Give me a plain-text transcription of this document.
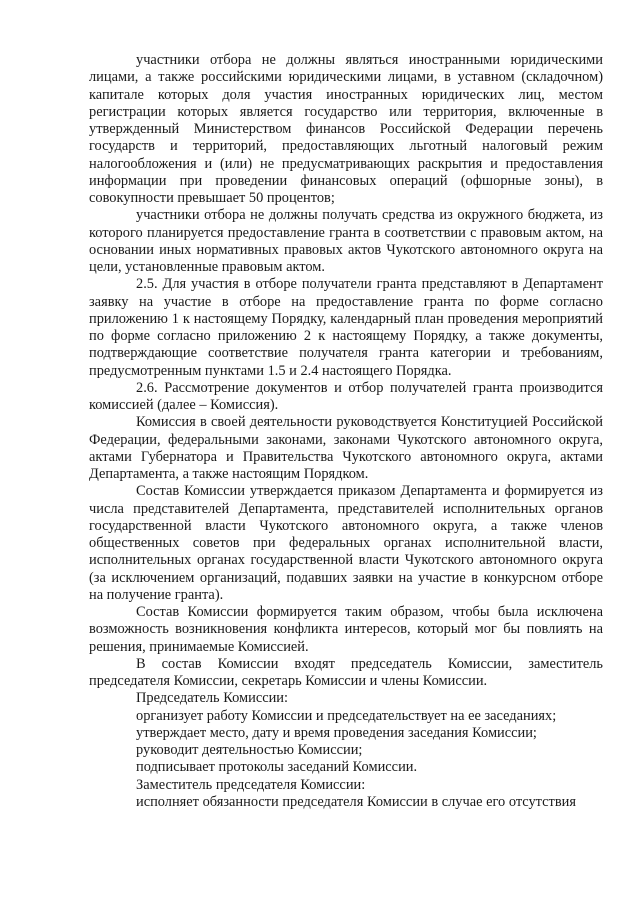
участники отбора не должны являться иностранными юридическими лицами, а также российскими юридическими лицами, в уставном (складочном) капитале которых доля участия иностранных юридических лиц, местом регистрации которых является государство или территория, включенные в утвержденный Министерством финансов Российской Федерации перечень государств и территорий, предоставляющих льготный налоговый режим налогообложения и (или) не предусматривающих раскрытия и предоставления информации при проведении финансовых операций (офшорные зоны), в совокупности превышает 50 процентов;

участники отбора не должны получать средства из окружного бюджета, из которого планируется предоставление гранта в соответствии с правовым актом, на основании иных нормативных правовых актов Чукотского автономного округа на цели, установленные правовым актом.

2.5. Для участия в отборе получатели гранта представляют в Департамент заявку на участие в отборе на предоставление гранта по форме согласно приложению 1 к настоящему Порядку, календарный план проведения мероприятий по форме согласно приложению 2 к настоящему Порядку, а также документы, подтверждающие соответствие получателя гранта категории и требованиям, предусмотренным пунктами 1.5 и 2.4 настоящего Порядка.

2.6. Рассмотрение документов и отбор получателей гранта производится комиссией (далее – Комиссия).

Комиссия в своей деятельности руководствуется Конституцией Российской Федерации, федеральными законами, законами Чукотского автономного округа, актами Губернатора и Правительства Чукотского автономного округа, актами Департамента, а также настоящим Порядком.

Состав Комиссии утверждается приказом Департамента и формируется из числа представителей Департамента, представителей исполнительных органов государственной власти Чукотского автономного округа, а также членов общественных советов при федеральных органах исполнительной власти, исполнительных органах государственной власти Чукотского автономного округа (за исключением организаций, подавших заявки на участие в конкурсном отборе на получение гранта).

Состав Комиссии формируется таким образом, чтобы была исключена возможность возникновения конфликта интересов, который мог бы повлиять на решения, принимаемые Комиссией.

В состав Комиссии входят председатель Комиссии, заместитель председателя Комиссии, секретарь Комиссии и члены Комиссии.

Председатель Комиссии:

организует работу Комиссии и председательствует на ее заседаниях;

утверждает место, дату и время проведения заседания Комиссии;

руководит деятельностью Комиссии;

подписывает протоколы заседаний Комиссии.

Заместитель председателя Комиссии:

исполняет обязанности председателя Комиссии в случае его отсутствия
